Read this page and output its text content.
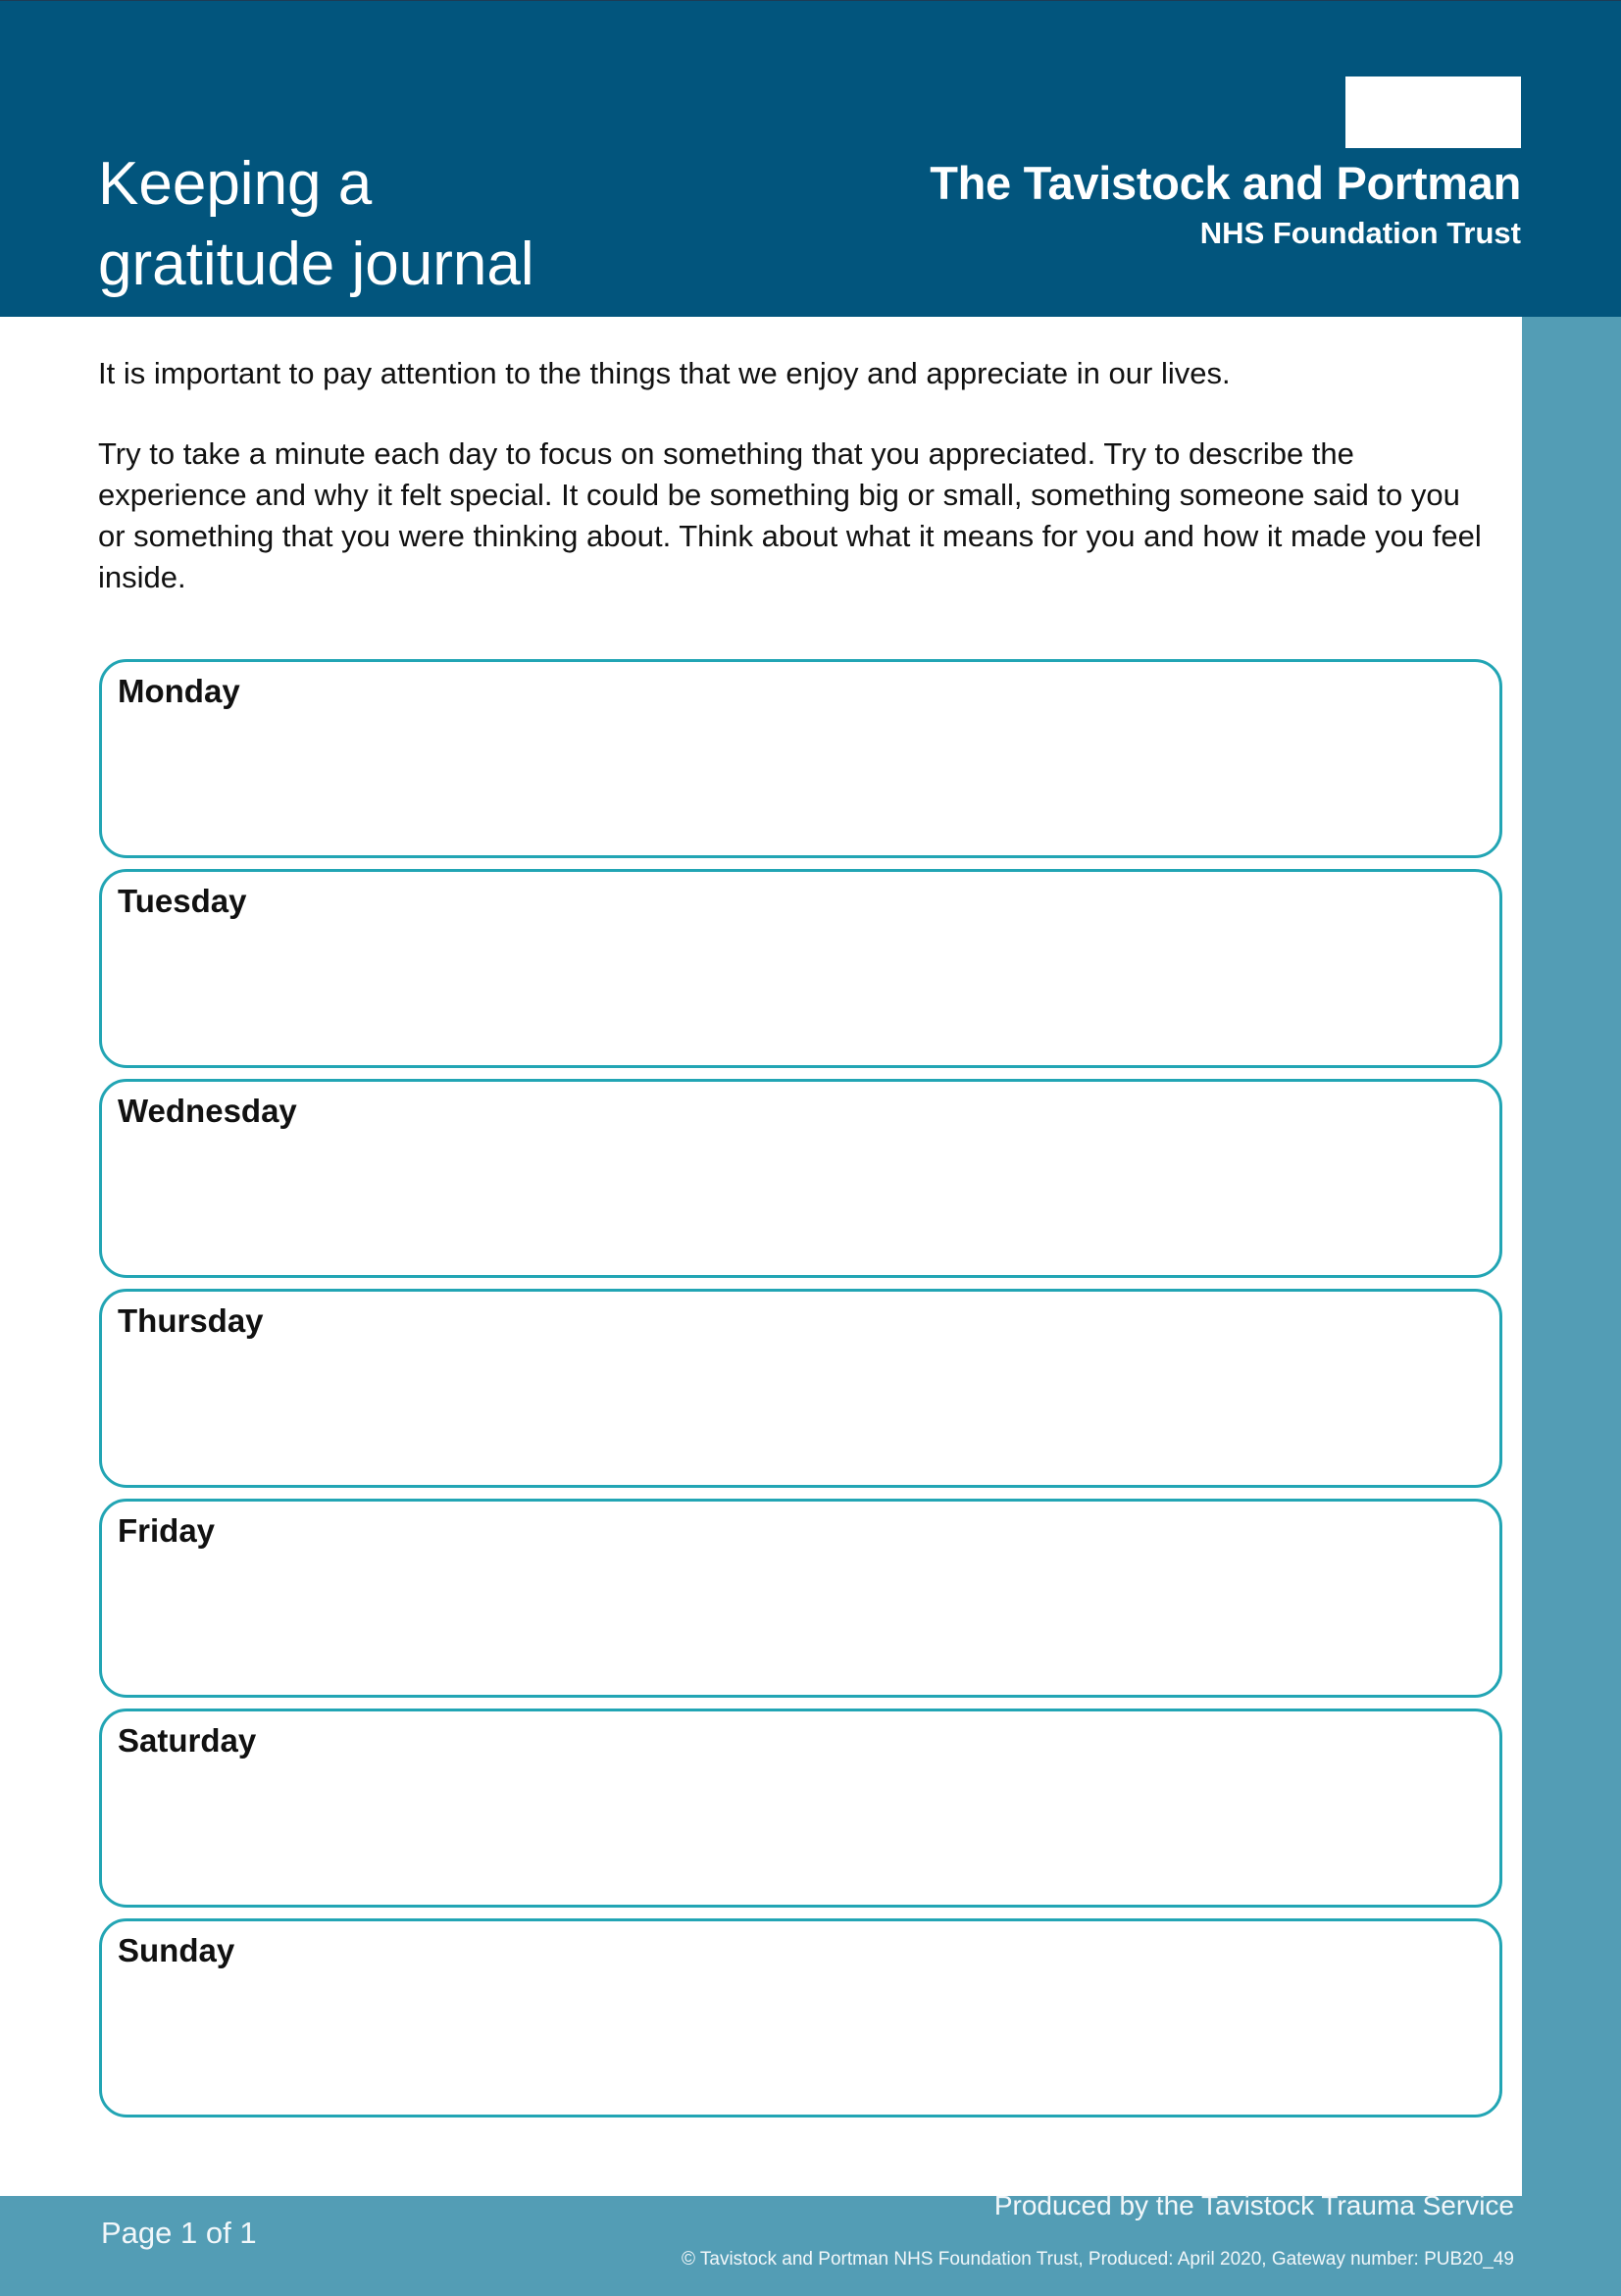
Keeping a
gratitude journal
The Tavistock and Portman
NHS Foundation Trust

It is important to pay attention to the things that we enjoy and appreciate in our lives.

Try to take a minute each day to focus on something that you appreciated. Try to describe the experience and why it felt special. It could be something big or small, something someone said to you or something that you were thinking about. Think about what it means for you and how it made you feel inside.

Monday
Tuesday
Wednesday
Thursday
Friday
Saturday
Sunday
Produced by the Tavistock Trauma Service
Page 1 of 1
© Tavistock and Portman NHS Foundation Trust, Produced: April 2020, Gateway number: PUB20_49
